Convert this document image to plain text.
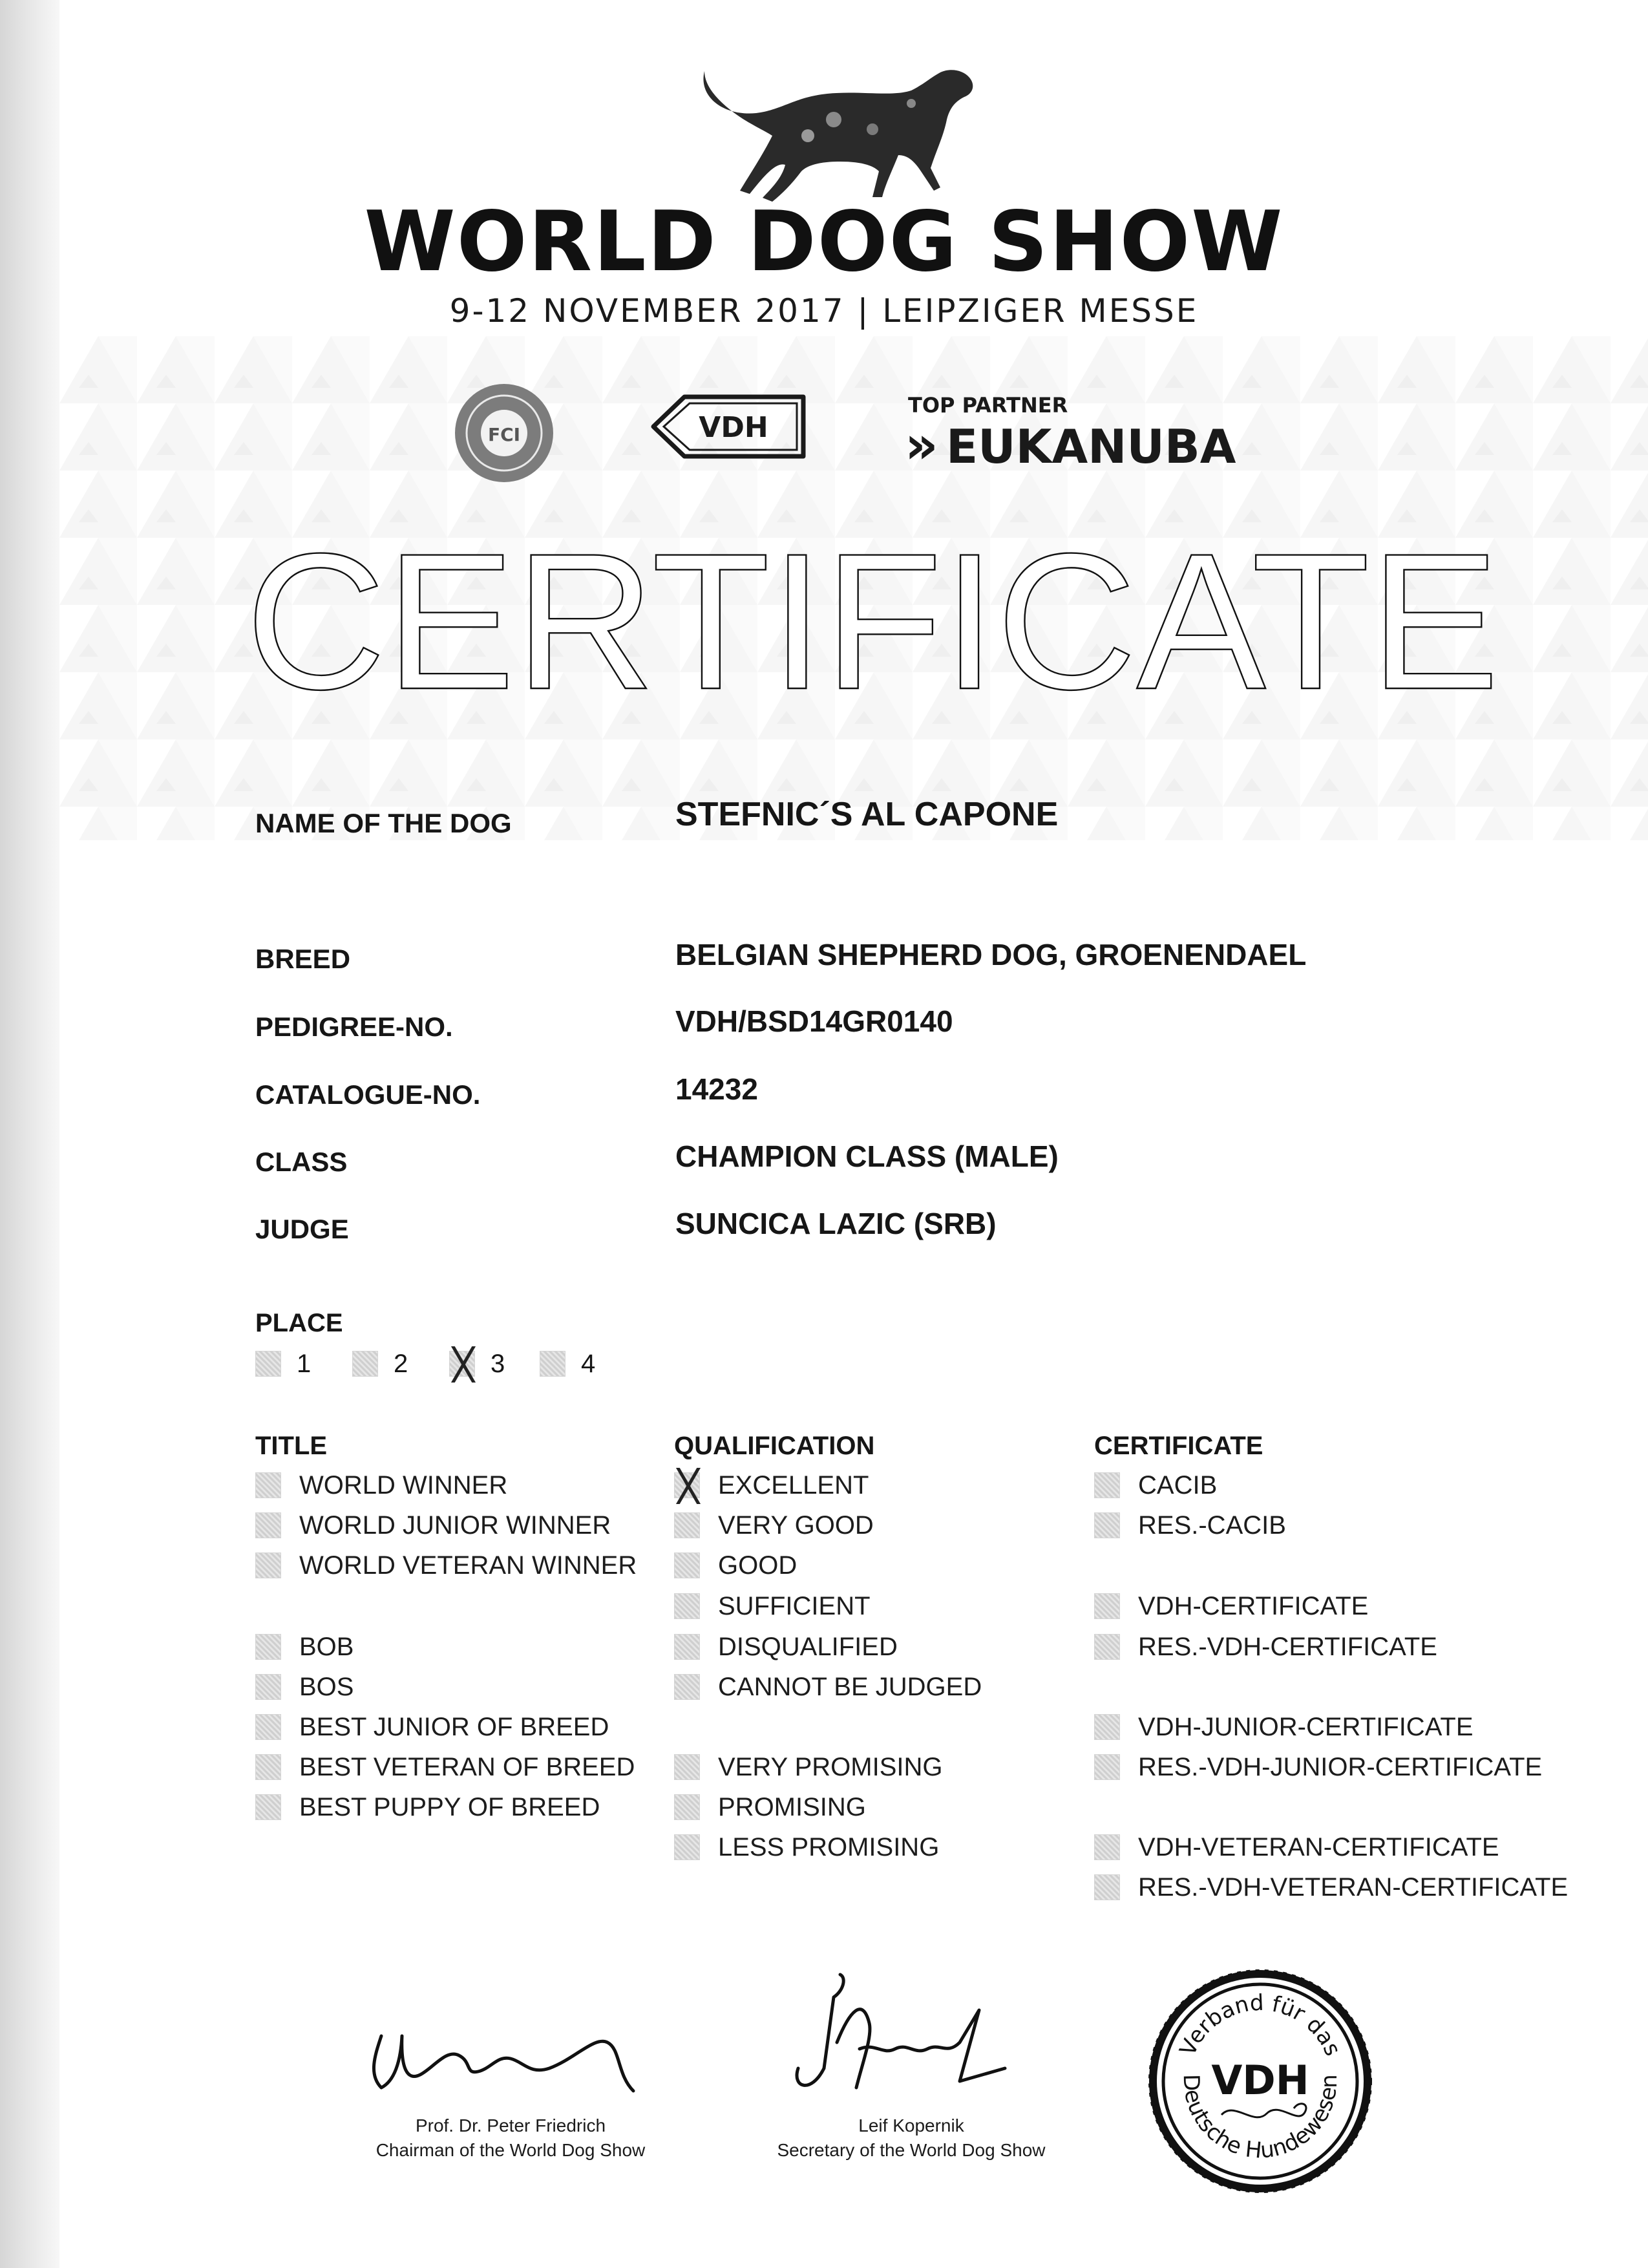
WORLD DOG SHOW
9-12 NOVEMBER 2017 | LEIPZIGER MESSE
FCI	VDH
TOP PARTNER
» EUKANUBA
CERTIFICATE
NAME OF THE DOG	STEFNIC´S AL CAPONE
BREED	BELGIAN SHEPHERD DOG, GROENENDAEL
PEDIGREE-NO.	VDH/BSD14GR0140
CATALOGUE-NO.	14232
CLASS	CHAMPION CLASS (MALE)
JUDGE	SUNCICA LAZIC (SRB)
PLACE
1	2	3	4
TITLE
WORLD WINNER
WORLD JUNIOR WINNER
WORLD VETERAN WINNER
BOB
BOS
BEST JUNIOR OF BREED
BEST VETERAN OF BREED
BEST PUPPY OF BREED
QUALIFICATION
EXCELLENT
VERY GOOD
GOOD
SUFFICIENT
DISQUALIFIED
CANNOT BE JUDGED
VERY PROMISING
PROMISING
LESS PROMISING
CERTIFICATE
CACIB
RES.-CACIB
VDH-CERTIFICATE
RES.-VDH-CERTIFICATE
VDH-JUNIOR-CERTIFICATE
RES.-VDH-JUNIOR-CERTIFICATE
VDH-VETERAN-CERTIFICATE
RES.-VDH-VETERAN-CERTIFICATE
Prof. Dr. Peter Friedrich
Chairman of the World Dog Show
Leif Kopernik
Secretary of the World Dog Show
Verband für das
VDH
Deutsche Hundewesen
